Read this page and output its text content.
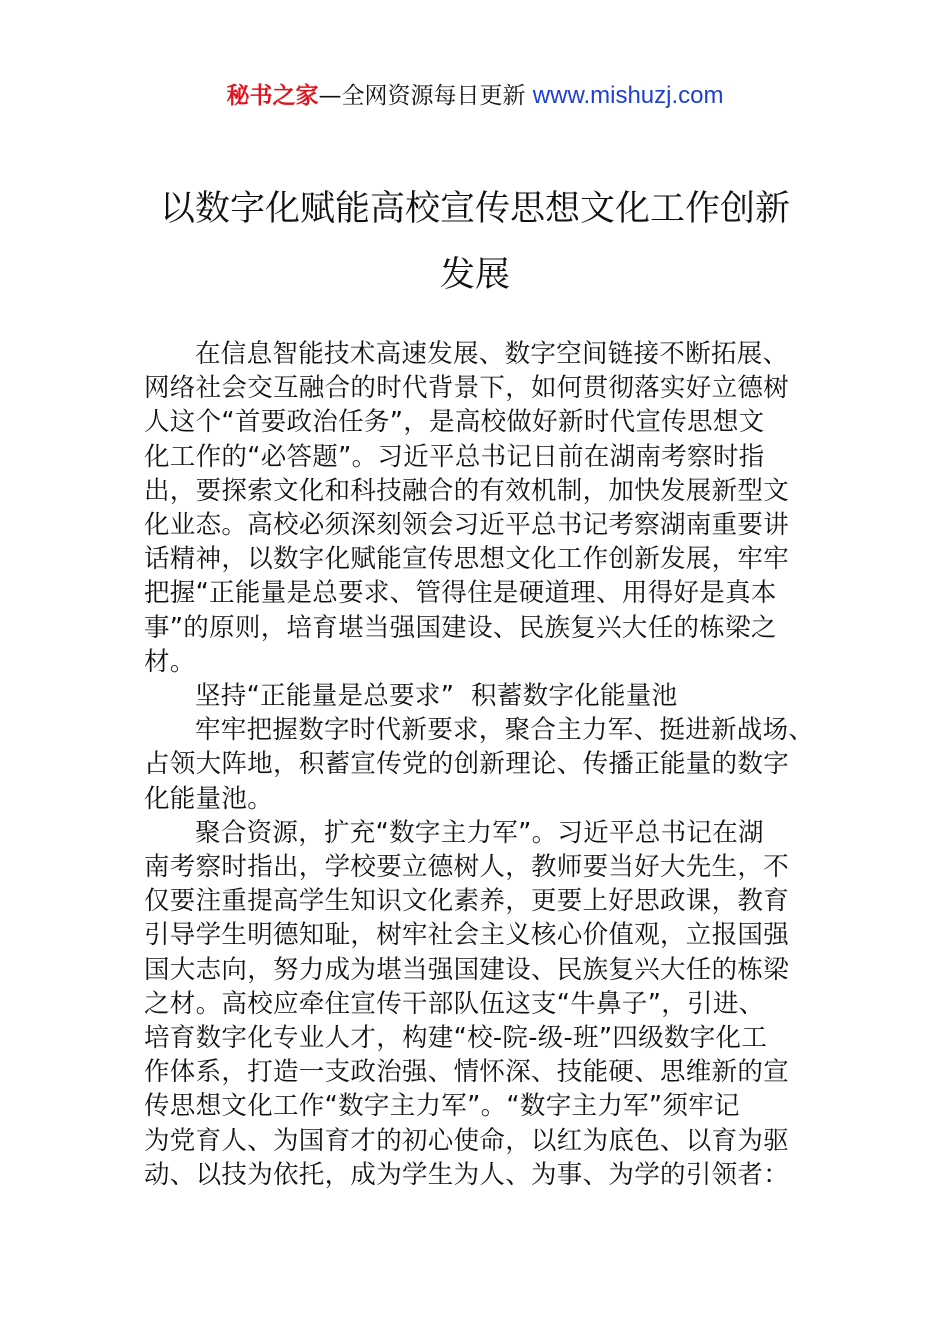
秘书之家—全网资源每日更新 www.mishuzj.com
以数字化赋能高校宣传思想文化工作创新
发展
在信息智能技术高速发展、数字空间链接不断拓展、
网络社会交互融合的时代背景下，如何贯彻落实好立德树
人这个“首要政治任务”，是高校做好新时代宣传思想文
化工作的“必答题”。习近平总书记日前在湖南考察时指
出，要探索文化和科技融合的有效机制，加快发展新型文
化业态。高校必须深刻领会习近平总书记考察湖南重要讲
话精神，以数字化赋能宣传思想文化工作创新发展，牢牢
把握“正能量是总要求、管得住是硬道理、用得好是真本
事”的原则，培育堪当强国建设、民族复兴大任的栋梁之
材。
坚持“正能量是总要求”  积蓄数字化能量池
牢牢把握数字时代新要求，聚合主力军、挺进新战场、
占领大阵地，积蓄宣传党的创新理论、传播正能量的数字
化能量池。
聚合资源，扩充“数字主力军”。习近平总书记在湖
南考察时指出，学校要立德树人，教师要当好大先生，不
仅要注重提高学生知识文化素养，更要上好思政课，教育
引导学生明德知耻，树牢社会主义核心价值观，立报国强
国大志向，努力成为堪当强国建设、民族复兴大任的栋梁
之材。高校应牵住宣传干部队伍这支“牛鼻子”，引进、
培育数字化专业人才，构建“校-院-级-班”四级数字化工
作体系，打造一支政治强、情怀深、技能硬、思维新的宣
传思想文化工作“数字主力军”。“数字主力军”须牢记
为党育人、为国育才的初心使命，以红为底色、以育为驱
动、以技为依托，成为学生为人、为事、为学的引领者：
